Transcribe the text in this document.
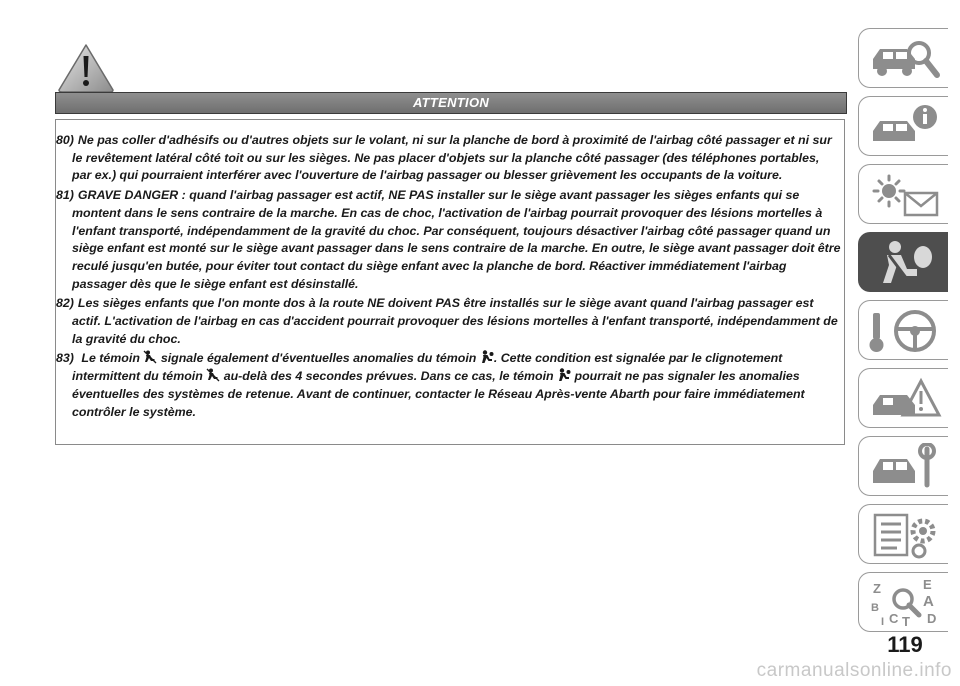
ATTENTION
80) Ne pas coller d'adhésifs ou d'autres objets sur le volant, ni sur la planche de bord à proximité de l'airbag côté passager et ni sur le revêtement latéral côté toit ou sur les sièges. Ne pas placer d'objets sur la planche côté passager (des téléphones portables, par ex.) qui pourraient interférer avec l'ouverture de l'airbag passager ou blesser grièvement les occupants de la voiture.
81) GRAVE DANGER : quand l'airbag passager est actif, NE PAS installer sur le siège avant passager les sièges enfants qui se montent dans le sens contraire de la marche. En cas de choc, l'activation de l'airbag pourrait provoquer des lésions mortelles à l'enfant transporté, indépendamment de la gravité du choc. Par conséquent, toujours désactiver l'airbag côté passager quand un siège enfant est monté sur le siège avant passager dans le sens contraire de la marche. En outre, le siège avant passager doit être reculé jusqu'en butée, pour éviter tout contact du siège enfant avec la planche de bord. Réactiver immédiatement l'airbag passager dès que le siège enfant est désinstallé.
82) Les sièges enfants que l'on monte dos à la route NE doivent PAS être installés sur le siège avant quand l'airbag passager est actif. L'activation de l'airbag en cas d'accident pourrait provoquer des lésions mortelles à l'enfant transporté, indépendamment de la gravité du choc.
83) Le témoin signale également d'éventuelles anomalies du témoin . Cette condition est signalée par le clignotement intermittent du témoin au-delà des 4 secondes prévues. Dans ce cas, le témoin pourrait ne pas signaler les anomalies éventuelles des systèmes de retenue. Avant de continuer, contacter le Réseau Après-vente Abarth pour faire immédiatement contrôler le système.
Z	E
A
B
C T D
I
119
carmanualsonline.info
